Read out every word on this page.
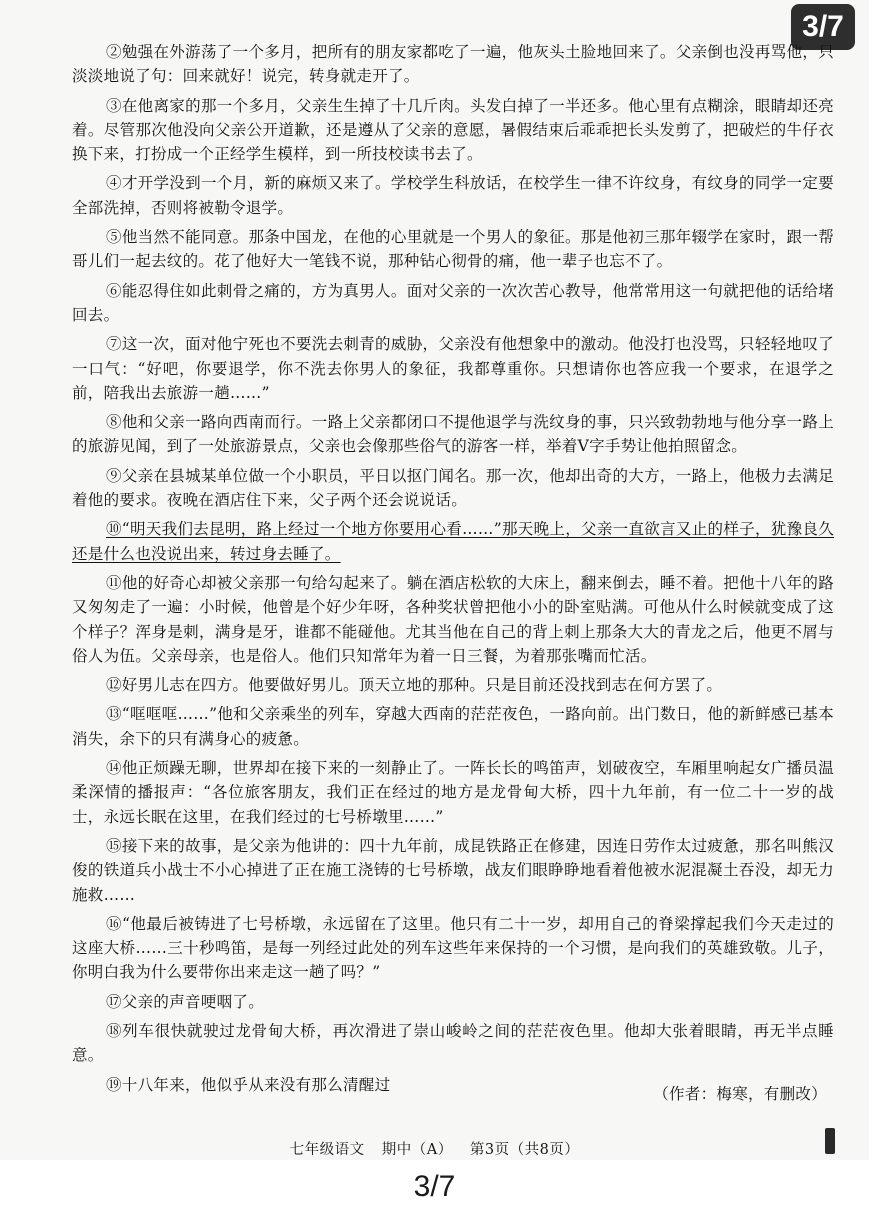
3/7

②勉强在外游荡了一个多月，把所有的朋友家都吃了一遍，他灰头土脸地回来了。父亲倒也没再骂他，只淡淡地说了句：回来就好！说完，转身就走开了。

③在他离家的那一个多月，父亲生生掉了十几斤肉。头发白掉了一半还多。他心里有点糊涂，眼睛却还亮着。尽管那次他没向父亲公开道歉，还是遵从了父亲的意愿，暑假结束后乖乖把长头发剪了，把破烂的牛仔衣换下来，打扮成一个正经学生模样，到一所技校读书去了。

④才开学没到一个月，新的麻烦又来了。学校学生科放话，在校学生一律不许纹身，有纹身的同学一定要全部洗掉，否则将被勒令退学。

⑤他当然不能同意。那条中国龙，在他的心里就是一个男人的象征。那是他初三那年辍学在家时，跟一帮哥儿们一起去纹的。花了他好大一笔钱不说，那种钻心彻骨的痛，他一辈子也忘不了。

⑥能忍得住如此刺骨之痛的，方为真男人。面对父亲的一次次苦心教导，他常常用这一句就把他的话给堵回去。

⑦这一次，面对他宁死也不要洗去刺青的威胁，父亲没有他想象中的激动。他没打也没骂，只轻轻地叹了一口气：“好吧，你要退学，你不洗去你男人的象征，我都尊重你。只想请你也答应我一个要求，在退学之前，陪我出去旅游一趟……”

⑧他和父亲一路向西南而行。一路上父亲都闭口不提他退学与洗纹身的事，只兴致勃勃地与他分享一路上的旅游见闻，到了一处旅游景点，父亲也会像那些俗气的游客一样，举着V字手势让他拍照留念。

⑨父亲在县城某单位做一个小职员，平日以抠门闻名。那一次，他却出奇的大方，一路上，他极力去满足着他的要求。夜晚在酒店住下来，父子两个还会说说话。

⑩“明天我们去昆明，路上经过一个地方你要用心看……”那天晚上，父亲一直欲言又止的样子，犹豫良久还是什么也没说出来，转过身去睡了。

⑪他的好奇心却被父亲那一句给勾起来了。躺在酒店松软的大床上，翻来倒去，睡不着。把他十八年的路又匆匆走了一遍：小时候，他曾是个好少年呀，各种奖状曾把他小小的卧室贴满。可他从什么时候就变成了这个样子？浑身是刺，满身是牙，谁都不能碰他。尤其当他在自己的背上刺上那条大大的青龙之后，他更不屑与俗人为伍。父亲母亲，也是俗人。他们只知常年为着一日三餐，为着那张嘴而忙活。

⑫好男儿志在四方。他要做好男儿。顶天立地的那种。只是目前还没找到志在何方罢了。

⑬“哐哐哐……”他和父亲乘坐的列车，穿越大西南的茫茫夜色，一路向前。出门数日，他的新鲜感已基本消失，余下的只有满身心的疲惫。

⑭他正烦躁无聊，世界却在接下来的一刻静止了。一阵长长的鸣笛声，划破夜空，车厢里响起女广播员温柔深情的播报声：“各位旅客朋友，我们正在经过的地方是龙骨甸大桥，四十九年前，有一位二十一岁的战士，永远长眠在这里，在我们经过的七号桥墩里……”

⑮接下来的故事，是父亲为他讲的：四十九年前，成昆铁路正在修建，因连日劳作太过疲惫，那名叫熊汉俊的铁道兵小战士不小心掉进了正在施工浇铸的七号桥墩，战友们眼睁睁地看着他被水泥混凝土吞没，却无力施救……

⑯“他最后被铸进了七号桥墩，永远留在了这里。他只有二十一岁，却用自己的脊梁撑起我们今天走过的这座大桥……三十秒鸣笛，是每一列经过此处的列车这些年来保持的一个习惯，是向我们的英雄致敬。儿子，你明白我为什么要带你出来走这一趟了吗？”

⑰父亲的声音哽咽了。

⑱列车很快就驶过龙骨甸大桥，再次滑进了崇山峻岭之间的茫茫夜色里。他却大张着眼睛，再无半点睡意。

⑲十八年来，他似乎从来没有那么清醒过

（作者：梅寒，有删改）
七年级语文 期中（A） 第3页（共8页）
3/7
